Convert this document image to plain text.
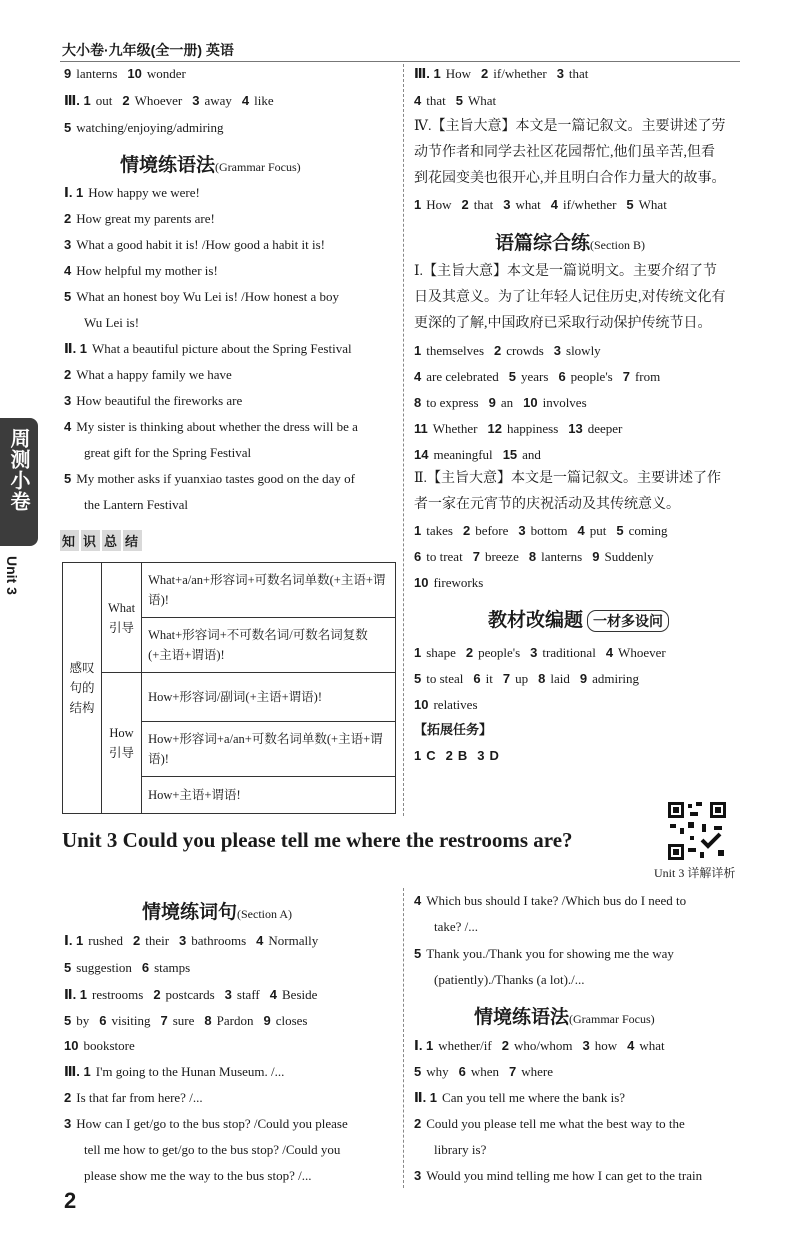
大小卷·九年级(全一册) 英语
周测小卷
Unit 3
9 lanterns 10 wonder
Ⅲ. 1 out 2 Whoever 3 away 4 like
5 watching/enjoying/admiring
情境练语法(Grammar Focus)
Ⅰ. 1 How happy we were!
2 How great my parents are!
3 What a good habit it is! /How good a habit it is!
4 How helpful my mother is!
5 What an honest boy Wu Lei is! /How honest a boy
Wu Lei is!
Ⅱ. 1 What a beautiful picture about the Spring Festival
2 What a happy family we have
3 How beautiful the fireworks are
4 My sister is thinking about whether the dress will be a
great gift for the Spring Festival
5 My mother asks if yuanxiao tastes good on the day of
the Lantern Festival
知 识 总 结
感叹句的结构	What引导	What+a/an+形容词+可数名词单数(+主语+谓语)!
		What+形容词+不可数名词/可数名词复数(+主语+谓语)!
	How引导	How+形容词/副词(+主语+谓语)!
		How+形容词+a/an+可数名词单数(+主语+谓语)!
		How+主语+谓语!
Ⅲ. 1 How 2 if/whether 3 that
4 that 5 What
Ⅳ.【主旨大意】本文是一篇记叙文。主要讲述了劳
动节作者和同学去社区花园帮忙,他们虽辛苦,但看
到花园变美也很开心,并且明白合作力量大的故事。
1 How 2 that 3 what 4 if/whether 5 What
语篇综合练(Section B)
Ⅰ.【主旨大意】本文是一篇说明文。主要介绍了节
日及其意义。为了让年轻人记住历史,对传统文化有
更深的了解,中国政府已采取行动保护传统节日。
1 themselves 2 crowds 3 slowly
4 are celebrated 5 years 6 people's 7 from
8 to express 9 an 10 involves
11 Whether 12 happiness 13 deeper
14 meaningful 15 and
Ⅱ.【主旨大意】本文是一篇记叙文。主要讲述了作
者一家在元宵节的庆祝活动及其传统意义。
1 takes 2 before 3 bottom 4 put 5 coming
6 to treat 7 breeze 8 lanterns 9 Suddenly
10 fireworks
教材改编题 一材多设问
1 shape 2 people's 3 traditional 4 Whoever
5 to steal 6 it 7 up 8 laid 9 admiring
10 relatives
【拓展任务】
1 C 2 B 3 D
Unit 3 Could you please tell me where the restrooms are?
Unit 3 详解详析
情境练词句(Section A)
Ⅰ. 1 rushed 2 their 3 bathrooms 4 Normally
5 suggestion 6 stamps
Ⅱ. 1 restrooms 2 postcards 3 staff 4 Beside
5 by 6 visiting 7 sure 8 Pardon 9 closes
10 bookstore
Ⅲ. 1 I'm going to the Hunan Museum. /...
2 Is that far from here? /...
3 How can I get/go to the bus stop? /Could you please
tell me how to get/go to the bus stop? /Could you
please show me the way to the bus stop? /...
4 Which bus should I take? /Which bus do I need to
take? /...
5 Thank you./Thank you for showing me the way
(patiently)./Thanks (a lot)./...
情境练语法(Grammar Focus)
Ⅰ. 1 whether/if 2 who/whom 3 how 4 what
5 why 6 when 7 where
Ⅱ. 1 Can you tell me where the bank is?
2 Could you please tell me what the best way to the
library is?
3 Would you mind telling me how I can get to the train
2
